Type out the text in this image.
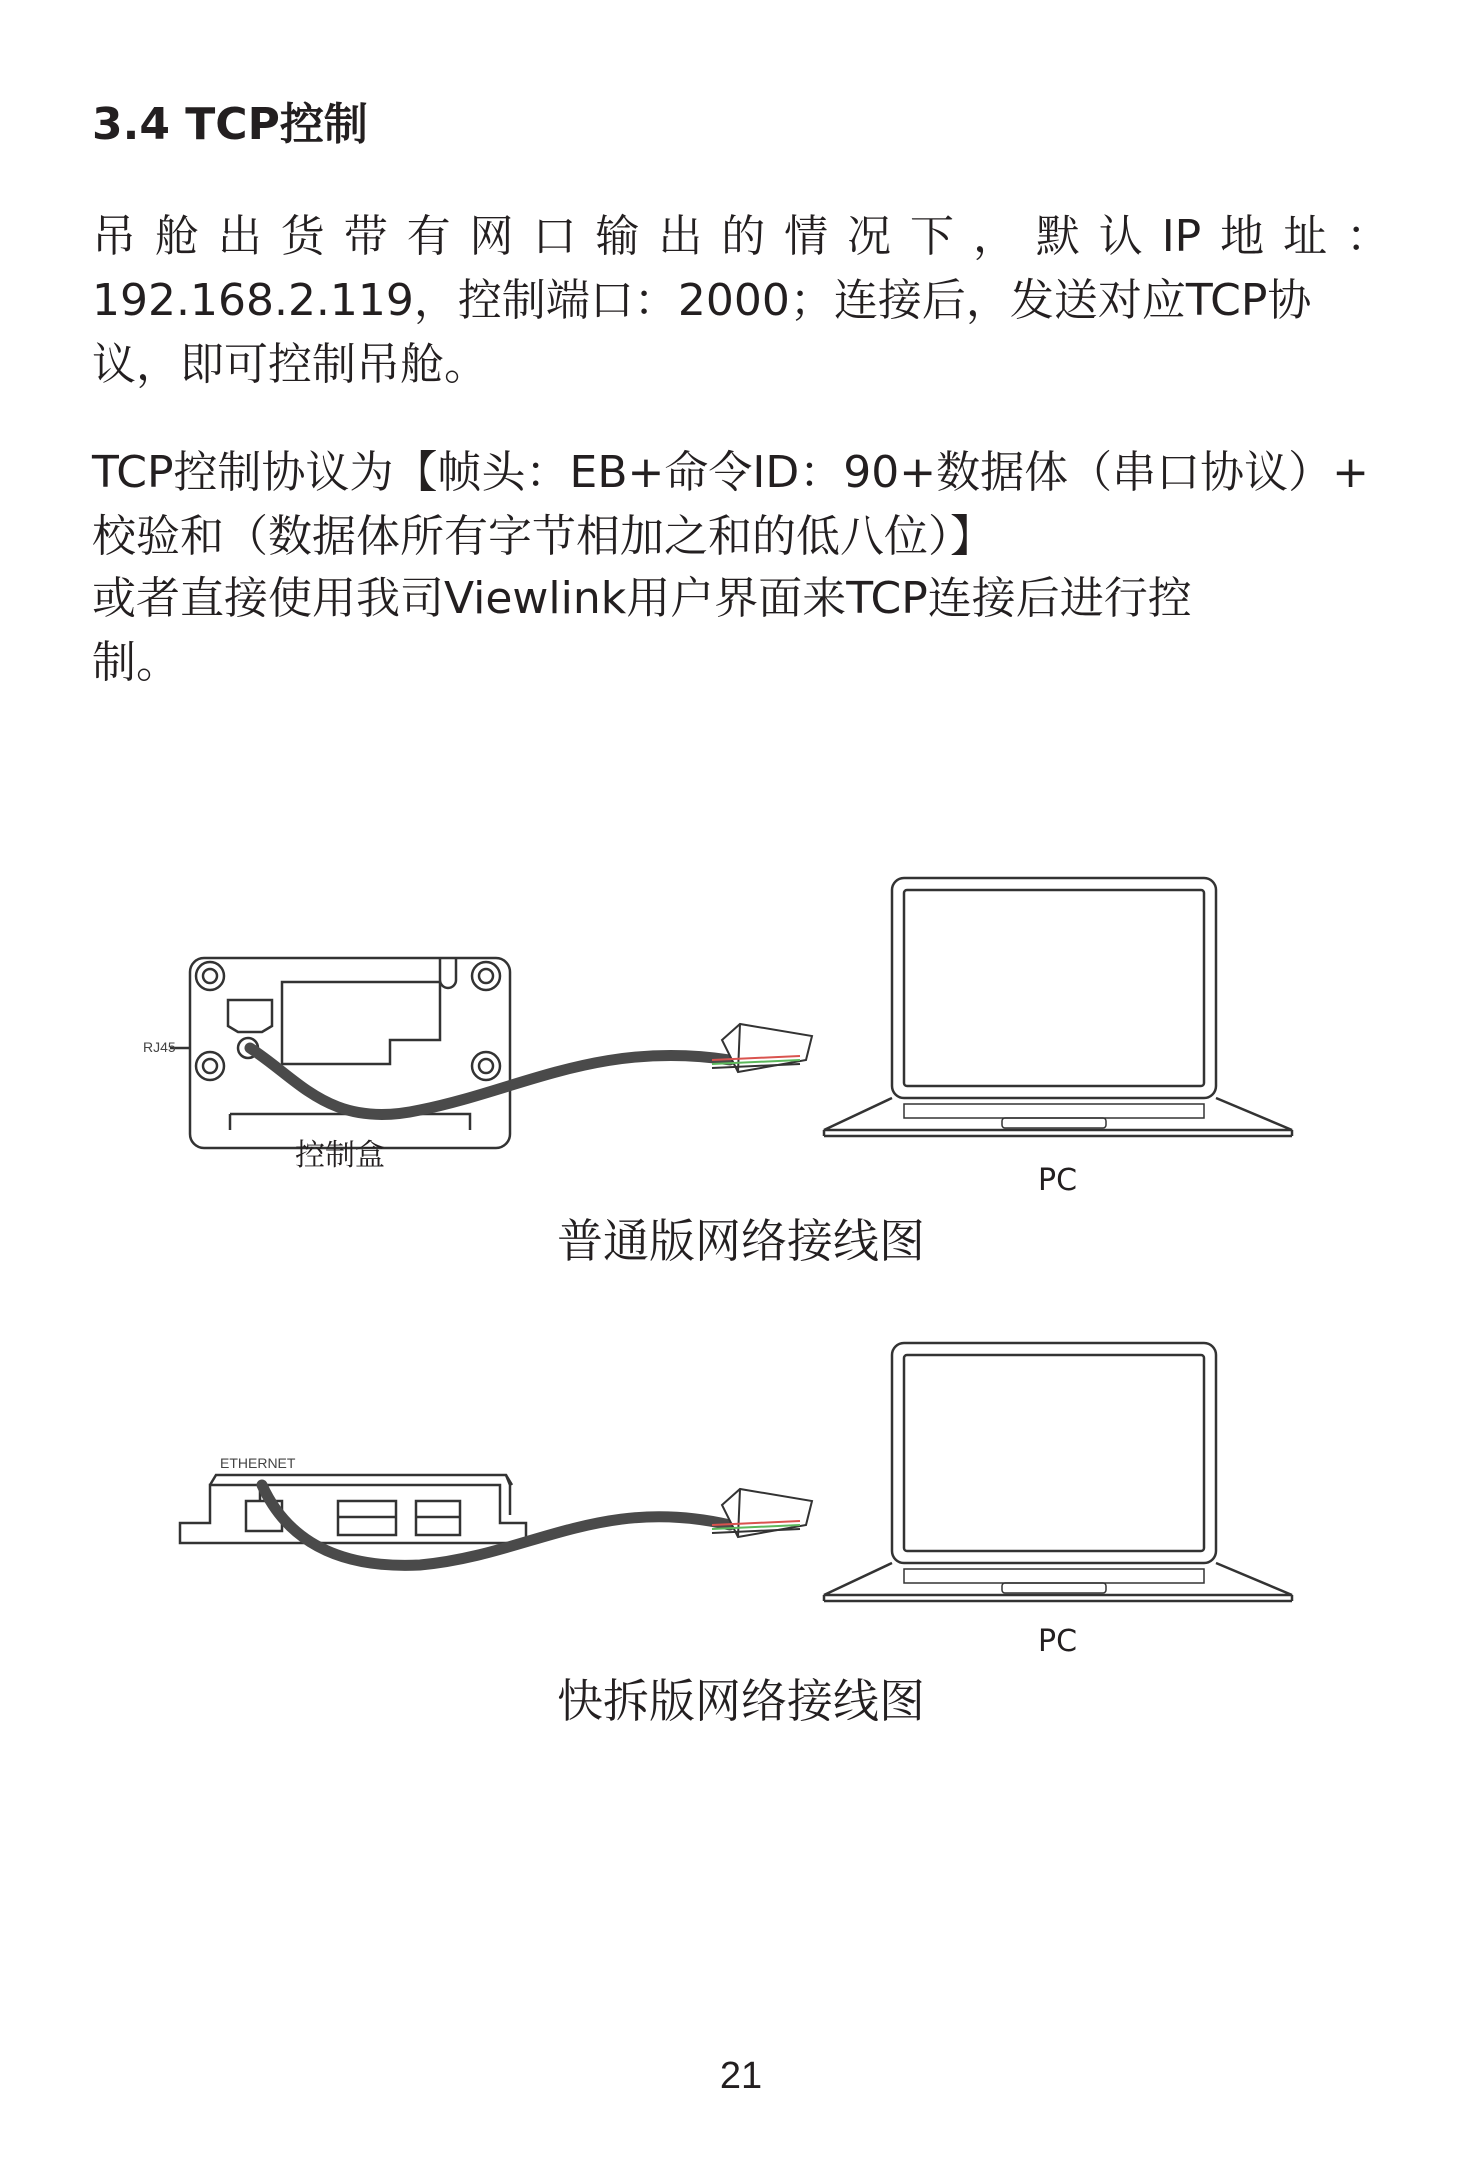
3.4 TCP控制

吊舱出货带有网口输出的情况下，默认IP地址：
192.168.2.119，控制端口：2000；连接后，发送对应TCP协
议，即可控制吊舱。

TCP控制协议为【帧头：EB+命令ID：90+数据体（串口协议）+
校验和（数据体所有字节相加之和的低八位）】

或者直接使用我司Viewlink用户界面来TCP连接后进行控
制。

RJ45
控制盒
PC

普通版网络接线图

ETHERNET
PC

快拆版网络接线图

21
